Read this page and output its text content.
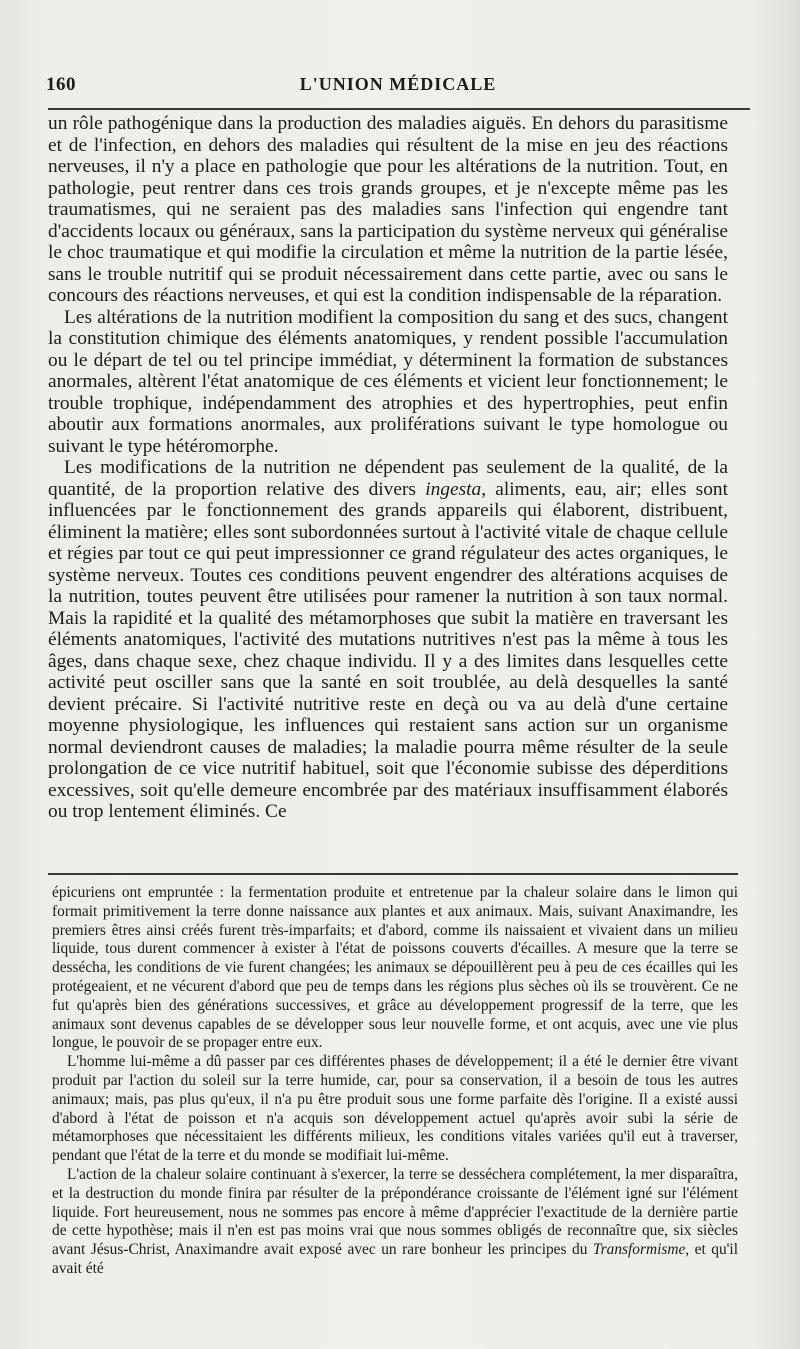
160	L'UNION MÉDICALE

un rôle pathogénique dans la production des maladies aiguës. En dehors du parasitisme et de l'infection, en dehors des maladies qui résultent de la mise en jeu des réactions nerveuses, il n'y a place en pathologie que pour les altérations de la nutrition. Tout, en pathologie, peut rentrer dans ces trois grands groupes, et je n'excepte même pas les traumatismes, qui ne seraient pas des maladies sans l'infection qui engendre tant d'accidents locaux ou généraux, sans la participation du système nerveux qui généralise le choc traumatique et qui modifie la circulation et même la nutrition de la partie lésée, sans le trouble nutritif qui se produit nécessairement dans cette partie, avec ou sans le concours des réactions nerveuses, et qui est la condition indispensable de la réparation.

Les altérations de la nutrition modifient la composition du sang et des sucs, changent la constitution chimique des éléments anatomiques, y rendent possible l'accumulation ou le départ de tel ou tel principe immédiat, y déterminent la formation de substances anormales, altèrent l'état anatomique de ces éléments et vicient leur fonctionnement; le trouble trophique, indépendamment des atrophies et des hypertrophies, peut enfin aboutir aux formations anormales, aux proliférations suivant le type homologue ou suivant le type hétéromorphe.

Les modifications de la nutrition ne dépendent pas seulement de la qualité, de la quantité, de la proportion relative des divers ingesta, aliments, eau, air; elles sont influencées par le fonctionnement des grands appareils qui élaborent, distribuent, éliminent la matière; elles sont subordonnées surtout à l'activité vitale de chaque cellule et régies par tout ce qui peut impressionner ce grand régulateur des actes organiques, le système nerveux. Toutes ces conditions peuvent engendrer des altérations acquises de la nutrition, toutes peuvent être utilisées pour ramener la nutrition à son taux normal. Mais la rapidité et la qualité des métamorphoses que subit la matière en traversant les éléments anatomiques, l'activité des mutations nutritives n'est pas la même à tous les âges, dans chaque sexe, chez chaque individu. Il y a des limites dans lesquelles cette activité peut osciller sans que la santé en soit troublée, au delà desquelles la santé devient précaire. Si l'activité nutritive reste en deçà ou va au delà d'une certaine moyenne physiologique, les influences qui restaient sans action sur un organisme normal deviendront causes de maladies; la maladie pourra même résulter de la seule prolongation de ce vice nutritif habituel, soit que l'économie subisse des déperditions excessives, soit qu'elle demeure encombrée par des matériaux insuffisamment élaborés ou trop lentement éliminés. Ce

épicuriens ont empruntée : la fermentation produite et entretenue par la chaleur solaire dans le limon qui formait primitivement la terre donne naissance aux plantes et aux animaux. Mais, suivant Anaximandre, les premiers êtres ainsi créés furent très-imparfaits; et d'abord, comme ils naissaient et vivaient dans un milieu liquide, tous durent commencer à exister à l'état de poissons couverts d'écailles. A mesure que la terre se dessécha, les conditions de vie furent changées; les animaux se dépouillèrent peu à peu de ces écailles qui les protégeaient, et ne vécurent d'abord que peu de temps dans les régions plus sèches où ils se trouvèrent. Ce ne fut qu'après bien des générations successives, et grâce au développement progressif de la terre, que les animaux sont devenus capables de se développer sous leur nouvelle forme, et ont acquis, avec une vie plus longue, le pouvoir de se propager entre eux.

L'homme lui-même a dû passer par ces différentes phases de développement; il a été le dernier être vivant produit par l'action du soleil sur la terre humide, car, pour sa conservation, il a besoin de tous les autres animaux; mais, pas plus qu'eux, il n'a pu être produit sous une forme parfaite dès l'origine. Il a existé aussi d'abord à l'état de poisson et n'a acquis son développement actuel qu'après avoir subi la série de métamorphoses que nécessitaient les différents milieux, les conditions vitales variées qu'il eut à traverser, pendant que l'état de la terre et du monde se modifiait lui-même.

L'action de la chaleur solaire continuant à s'exercer, la terre se desséchera complétement, la mer disparaîtra, et la destruction du monde finira par résulter de la prépondérance croissante de l'élément igné sur l'élément liquide. Fort heureusement, nous ne sommes pas encore à même d'apprécier l'exactitude de la dernière partie de cette hypothèse; mais il n'en est pas moins vrai que nous sommes obligés de reconnaître que, six siècles avant Jésus-Christ, Anaximandre avait exposé avec un rare bonheur les principes du Transformisme, et qu'il avait été
